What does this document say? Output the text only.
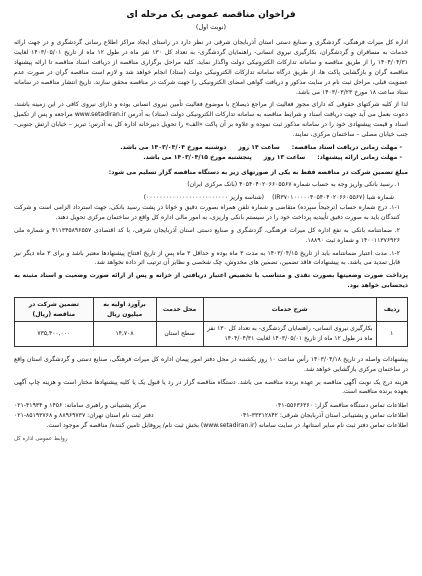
فراخوان مناقصه عمومی یک مرحله ای
(نوبت اول)

اداره کل میراث فرهنگی، گردشگری و صنایع دستی استان آذربایجان شرقی در نظر دارد در راستای ایجاد مراکز اطلاع رسانی گردشگری و در جهت ارائه خدمات به مسافران و گردشگران، بکارگیری نیروی انسانی- راهنمایان گردشگری- به تعداد کل ۱۳۰ نفر ماه در طول ۱۲ ماه از تاریخ ۱۴۰۳/۰۵/۰۱ لغایت ۱۴۰۴/۰۴/۳۱ را از طریق مناقصه و سامانه تدارکات الکترونیکی دولت واگذار نماید. کلیه مراحل برگزاری مناقصه از دریافت اسناد مناقصه تا ارائه پیشنهاد مناقصه گران و بازگشایی پاکت ها، از طریق درگاه سامانه تدارکات الکترونیکی دولت (ستاد) انجام خواهد شد و لازم است مناقصه گران در صورت عدم عضویت قبلی، مراحل ثبت نام در سایت مذکور و دریافت گواهی امضای الکترونیکی را جهت شرکت در مناقصه محقق سازند. تاریخ انتشار مناقصه در سامانه ستاد ساعت ۱۸ مورخ ۱۴۰۳/۰۳/۲۳ می باشد.

لذا از کلیه شرکتهای حقوقی که دارای مجوز فعالیت از مراجع ذیصلاح با موضوع فعالیت تأمین نیروی انسانی بوده و دارای نیروی کافی در این زمینه باشند، دعوت بعمل می آید جهت دریافت اسناد و شرایط مناقصه به سامانه تدارکات الکترونیکی دولت (ستاد) به آدرس www.setadiran.ir مراجعه و پس از تکمیل اسناد و قیمت پیشنهادی خود را در سامانه مذکور ثبت نموده و علاوه بر آن پاکت «الف» را تحویل دبیرخانه اداره کل به آدرس: تبریز – خیابان ارتش جنوبی– جنب خیابان مصلی – ساختمان مرکزی، نمایند.

- مهلت زمانی دریافت اسناد مناقصه:
ساعت ۱۴ روز
دوشنبه مورخ ۱۴۰۳/۰۴/۰۴ می باشد.
- مهلت زمانی ارائه پیشنهاد:
ساعت ۱۳ روز
پنجشنبه مورخ ۱۴۰۳/۰۴/۱۵ می باشد.

مبلغ تضمین شرکت در مناقصه فقط به یکی از صورتهای زیر به دستگاه مناقصه گزار تسلیم می شود:

۱. رسید بانکی واریز وجه به حساب شماره ۴۰۵۴۰۴۰۲۰۶۶۰۵۵۶۷ (بانک مرکزی ایران)

شماره شبا (IR۳۷۰۱۰۰۰۰۰۴۰۵۴۰۴۰۲۰۶۶۰۵۵۶۷)
(شناسه واریز ۰۰۰۰۰۰۰۰۰۰۰۰۰۰۰۰۰۰۰۰۰۰۰۰۰)

۱-۱. درج شماره حساب (ترجیحاً سپرده) متقاضی و شماره تلفن همراه بصورت دقیق و خوانا در پشت رسید بانکی، جهت استرداد الزامی است و شرکت کنندگان باید به صورت دقیق تأییدیه پرداخت خود را در سیستم بانکی واریزی، به امور مالی اداره کل واقع در ساختمان مرکزی تحویل دهند.

۲. ضمانتنامه بانکی به نفع اداره کل میراث فرهنگی، گردشگری و صنایع دستی استان آذربایجان شرقی، با کد اقتصادی ۴۱۱۳۴۵۸۹۶۵۵۷ و شماره ملی ۱۴۰۰۱۱۳۷۶۹۲۶ و شماره ثبت ۱۸۸۹۰.

۱-۲. مدت اعتبار ضمانتنامه باید از تاریخ ۱۴۰۳/۰۴/۱۵ به مدت ۳ ماه بوده و حداقل ۳ ماه پس از تاریخ افتتاح پیشنهادها معتبر باشد و برای ۳ ماه دیگر نیز قابل تمدید می باشد. به پیشنهادات فاقد تضمین، تضمین های مخدوش، چک شخصی و نظایر آن ترتیب اثر داده نخواهد شد.

پرداخت صورت وضعیتها بصورت نقدی و متناسب با تخصیص اعتبار دریافتی از خزانه و پس از ارائه صورت وضعیت و اسناد مثبته به ذیحسابی خواهد بود.

ردیف	شرح خدمات	محل خدمت	برآورد اولیه به میلیون ریال	تضمین شرکت در مناقصه (ریال)
۱	بکارگیری نیروی انسانی- راهنمایان گردشگری- به تعداد کل ۱۳۰ نفر ماه در طول ۱۲ ماه از تاریخ ۱۴۰۳/۰۵/۰۱ لغایت ۱۴۰۴/۰۴/۳۱	سطح استان	۱۴,۷۰۸	۷۳۵,۴۰۰,۰۰۰

پیشنهادات واصله در تاریخ ۱۴۰۳/۰۴/۱۸ رأس ساعت ۱۰ روز یکشنبه در محل دفتر امور پیمان اداره کل میراث فرهنگی، صنایع دستی و گردشگری استان واقع در ساختمان مرکزی بازگشایی خواهد شد.

هزینه درج یک نوبت آگهی مناقصه بر عهده برنده مناقصه می باشد. دستگاه مناقصه گزار در رد یا قبول یک یا کلیه پیشنهادها مختار است و هزینه چاپ آگهی بعهده برنده مناقصه است.

اطلاعات تماس دستگاه مناقصه گزار: ۵۵۶۳۶۳۶۰-۰۴۱
مرکز پشتیبانی و راهبری سامانه: ۱۴۵۶ و ۴۱۹۳۴-۰۲۱
اطلاعات تماس و پشتیبانی استان آذربایجان شرقی: ۳۳۳۱۲۸۴۲-۰۴۱
دفتر ثبت نام استان تهران: ۸۸۹۶۹۷۳۷ و ۸۵۱۹۳۷۶۸-۰۲۱

اطلاعات تماس دفتر ثبت نام سایر استانها، در سایت سامانه (www.setadiran.ir) بخش ثبت نام/ پروفایل تامین کننده/ مناقصه گر موجود است.

روابط عمومی اداره کل
